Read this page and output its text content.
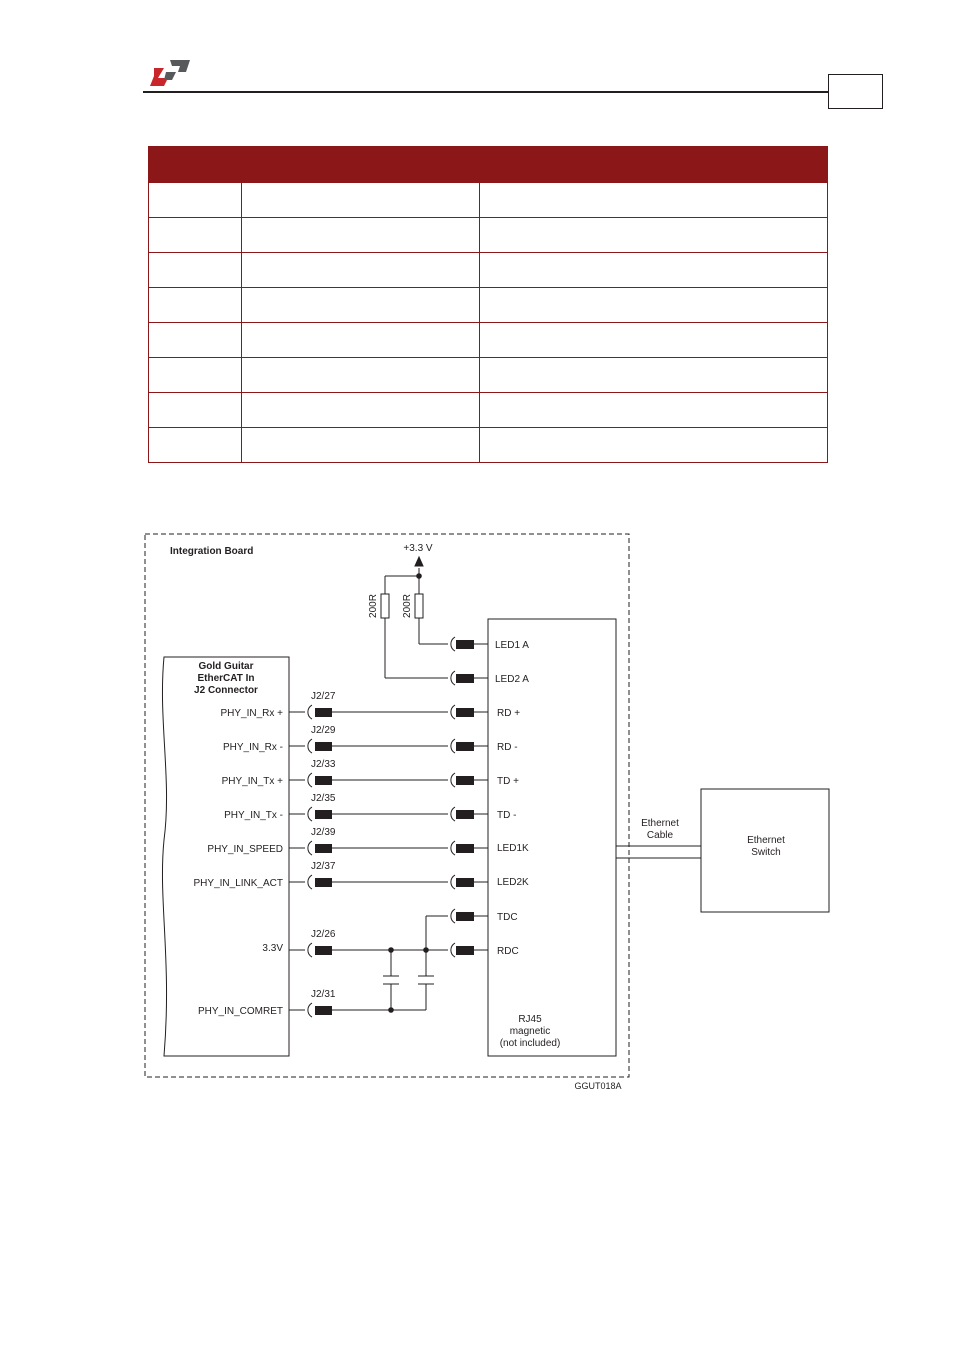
Integration Board	+3.3 V
200R 200R
Gold Guitar
EtherCAT In
J2 Connector
PHY_IN_Rx +
PHY_IN_Rx -
PHY_IN_Tx +
PHY_IN_Tx -
PHY_IN_SPEED
PHY_IN_LINK_ACT
3.3V
PHY_IN_COMRET
J2/27
J2/29
J2/33
J2/35
J2/39
J2/37
J2/26
J2/31
LED1 A
LED2 A
RD +
RD -
TD +
TD -
LED1K
LED2K
TDC
RDC
RJ45
magnetic
(not included)
Ethernet
Cable	Ethernet
Switch
GGUT018A
